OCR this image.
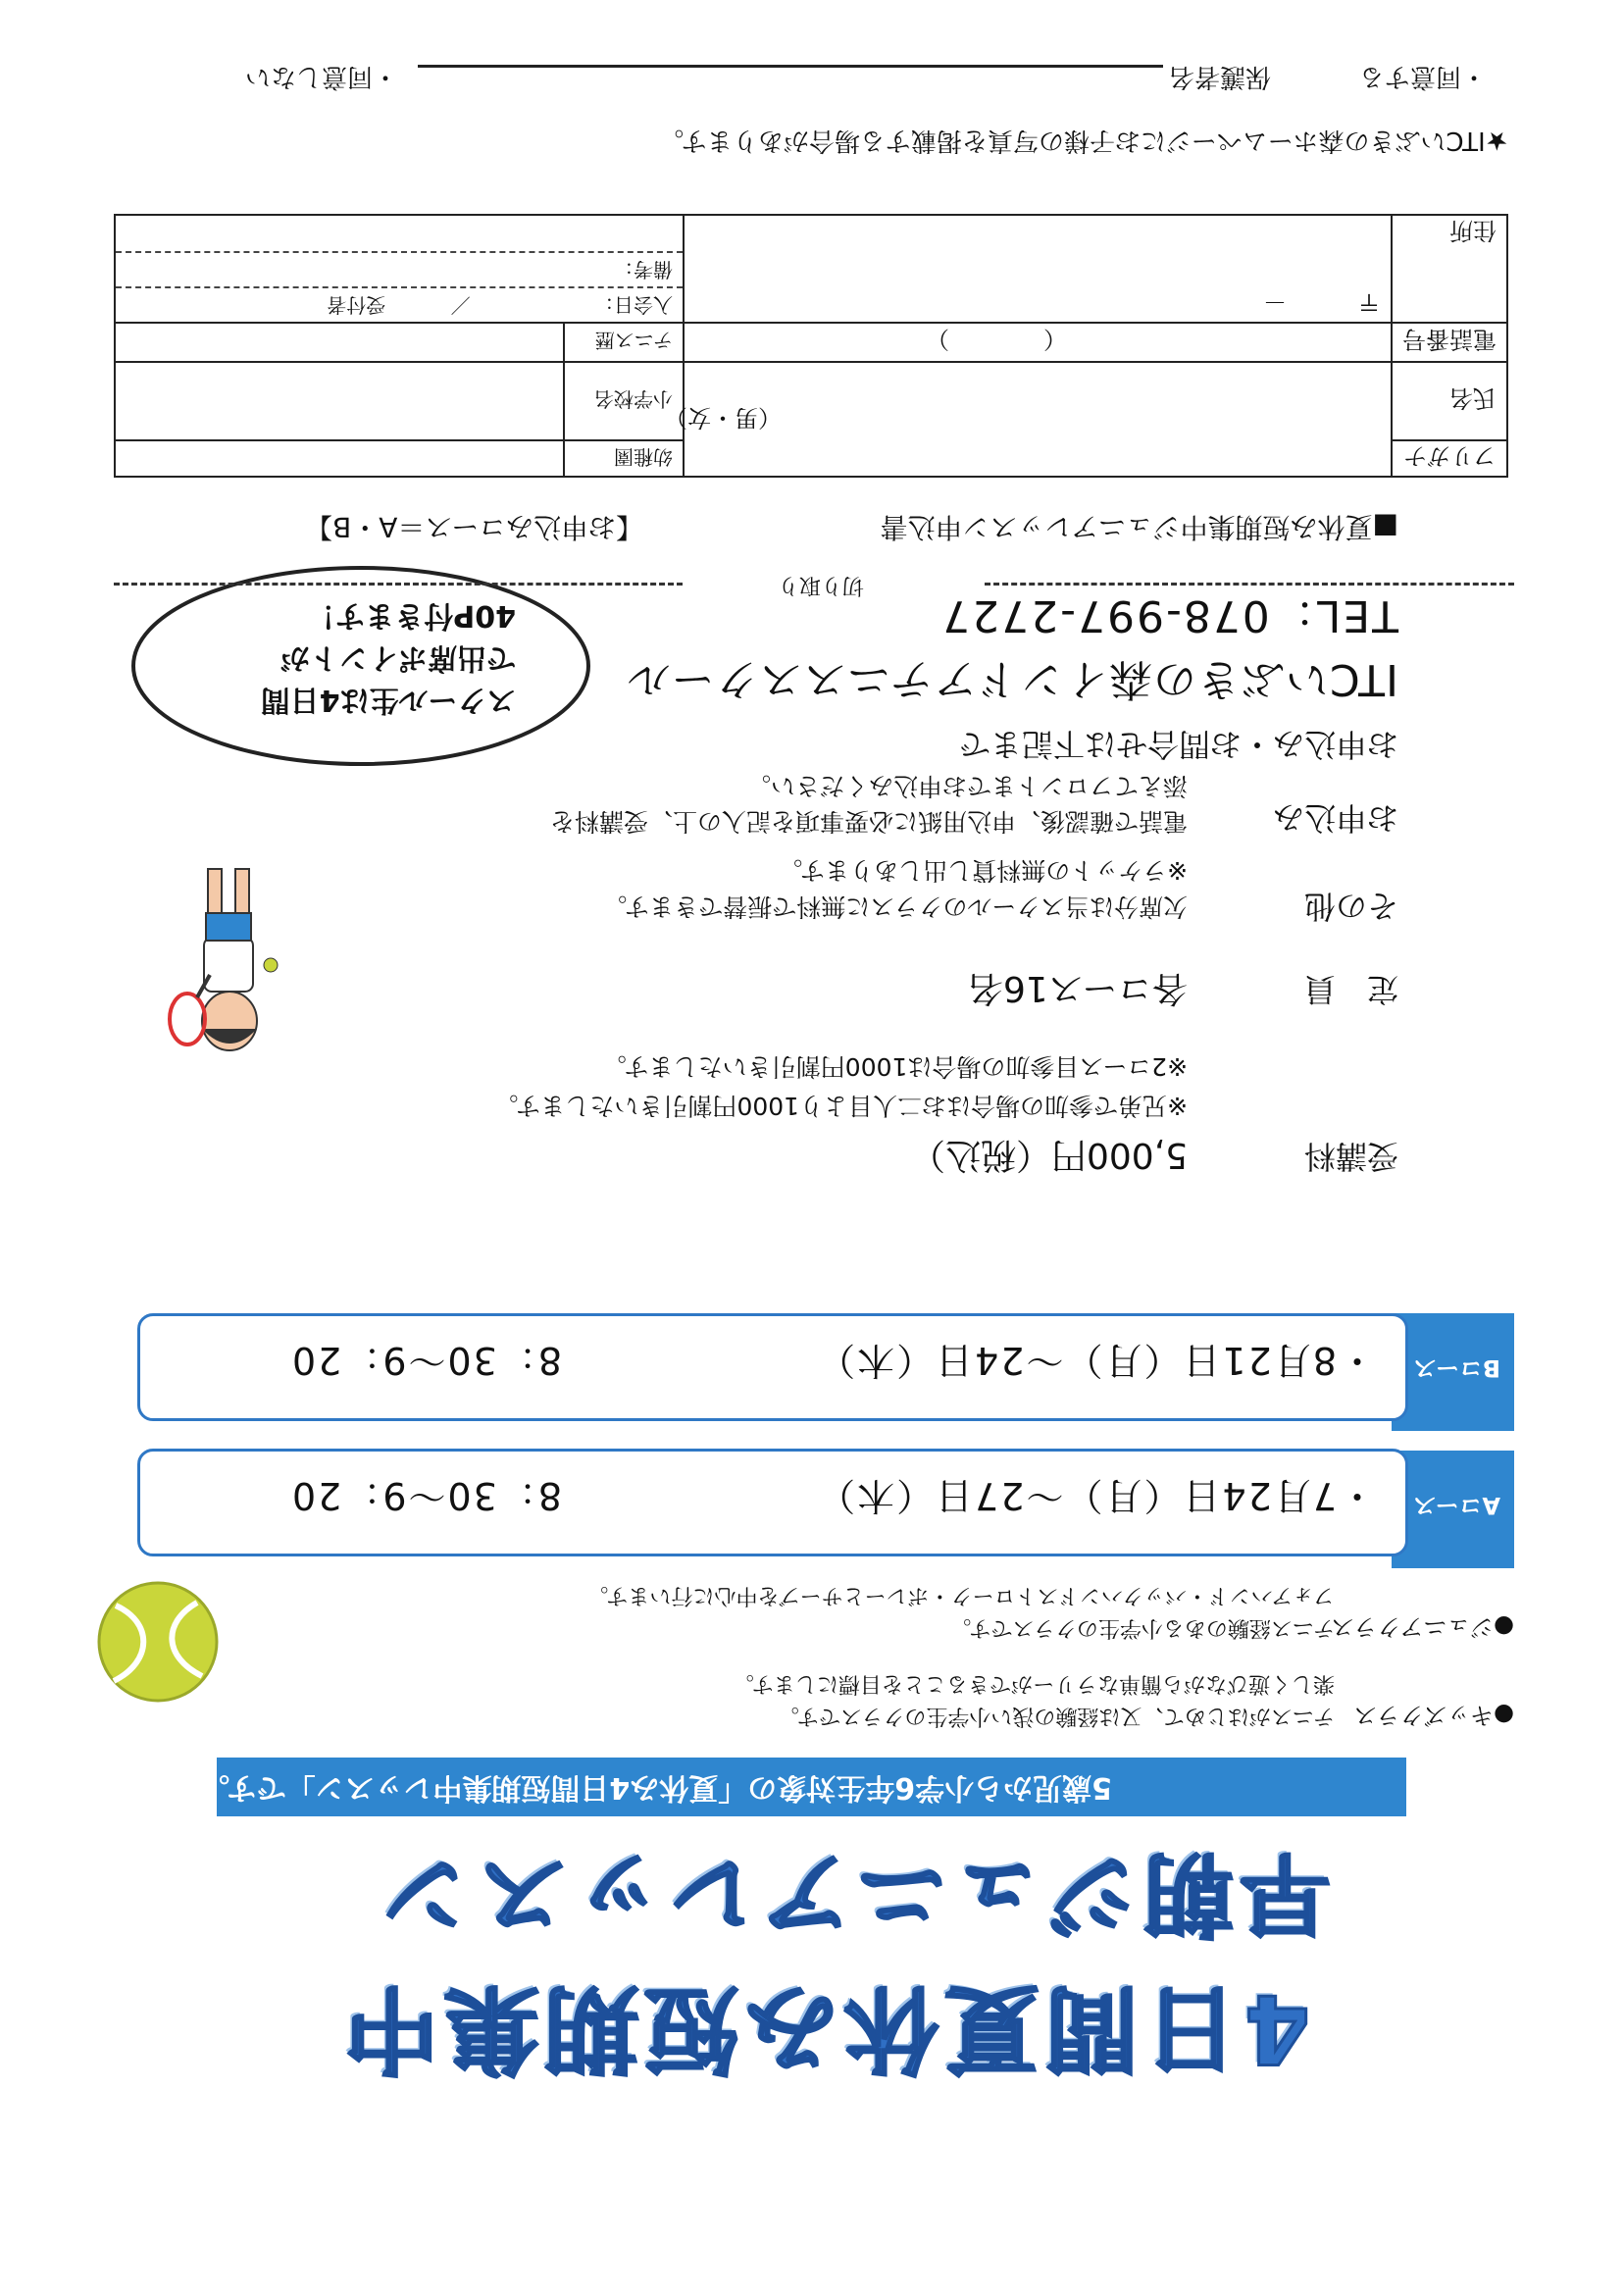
4日間夏休み短期集中
早朝ジュニアレッスン
5歳児から小学6年生対象の「夏休み4日間短期集中レッスン」です。
●キッズクラス
テニスがはじめて、又は経験の浅い小学生のクラスです。
楽しく遊びながら簡単なラリーができることを目標にします。
●ジュニアクラス
テニス経験のある小学生のクラスです。
フォアハンド・バックハンドストローク・ボレーとサーブを中心に行います。
Aコース
・7月24日（月）～27日（木）
8：30～9：20
Bコース
・8月21日（月）～24日（木）
8：30～9：20
受講料
5,000円（税込）
※兄弟で参加の場合はお二人目より1000円割引きいたします。
※2コース目参加の場合は1000円割引きいたします。
定　員
各コース16名
その他
欠席分は当スクールのクラスに無料で振替できます。
※ラケットの無料貸し出しあります。
お申込み
電話で確認後、申込用紙に必要事項を記入の上、受講料を
添えてフロントまでお申込みください。
スクール生は4日間
で出席ポイントが
40P付きます！
お申込み・お問合せは下記まで
ITCいぶきの森インドアテニススクール
TEL：078-997-2727
切り取り
■夏休み短期集中ジュニアレッスン申込書
【お申込みコース＝A・B】
フリガナ	（男・女）	幼稚園	
氏名		小学校名	
電話番号	（　　　　）	テニス歴	
住所	〒　　　－	入会日： ／ 受付者
備考：	
★ITCいぶきの森ホームページにお子様の写真を掲載する場合があります。
・同意する
保護者名
・同意しない
